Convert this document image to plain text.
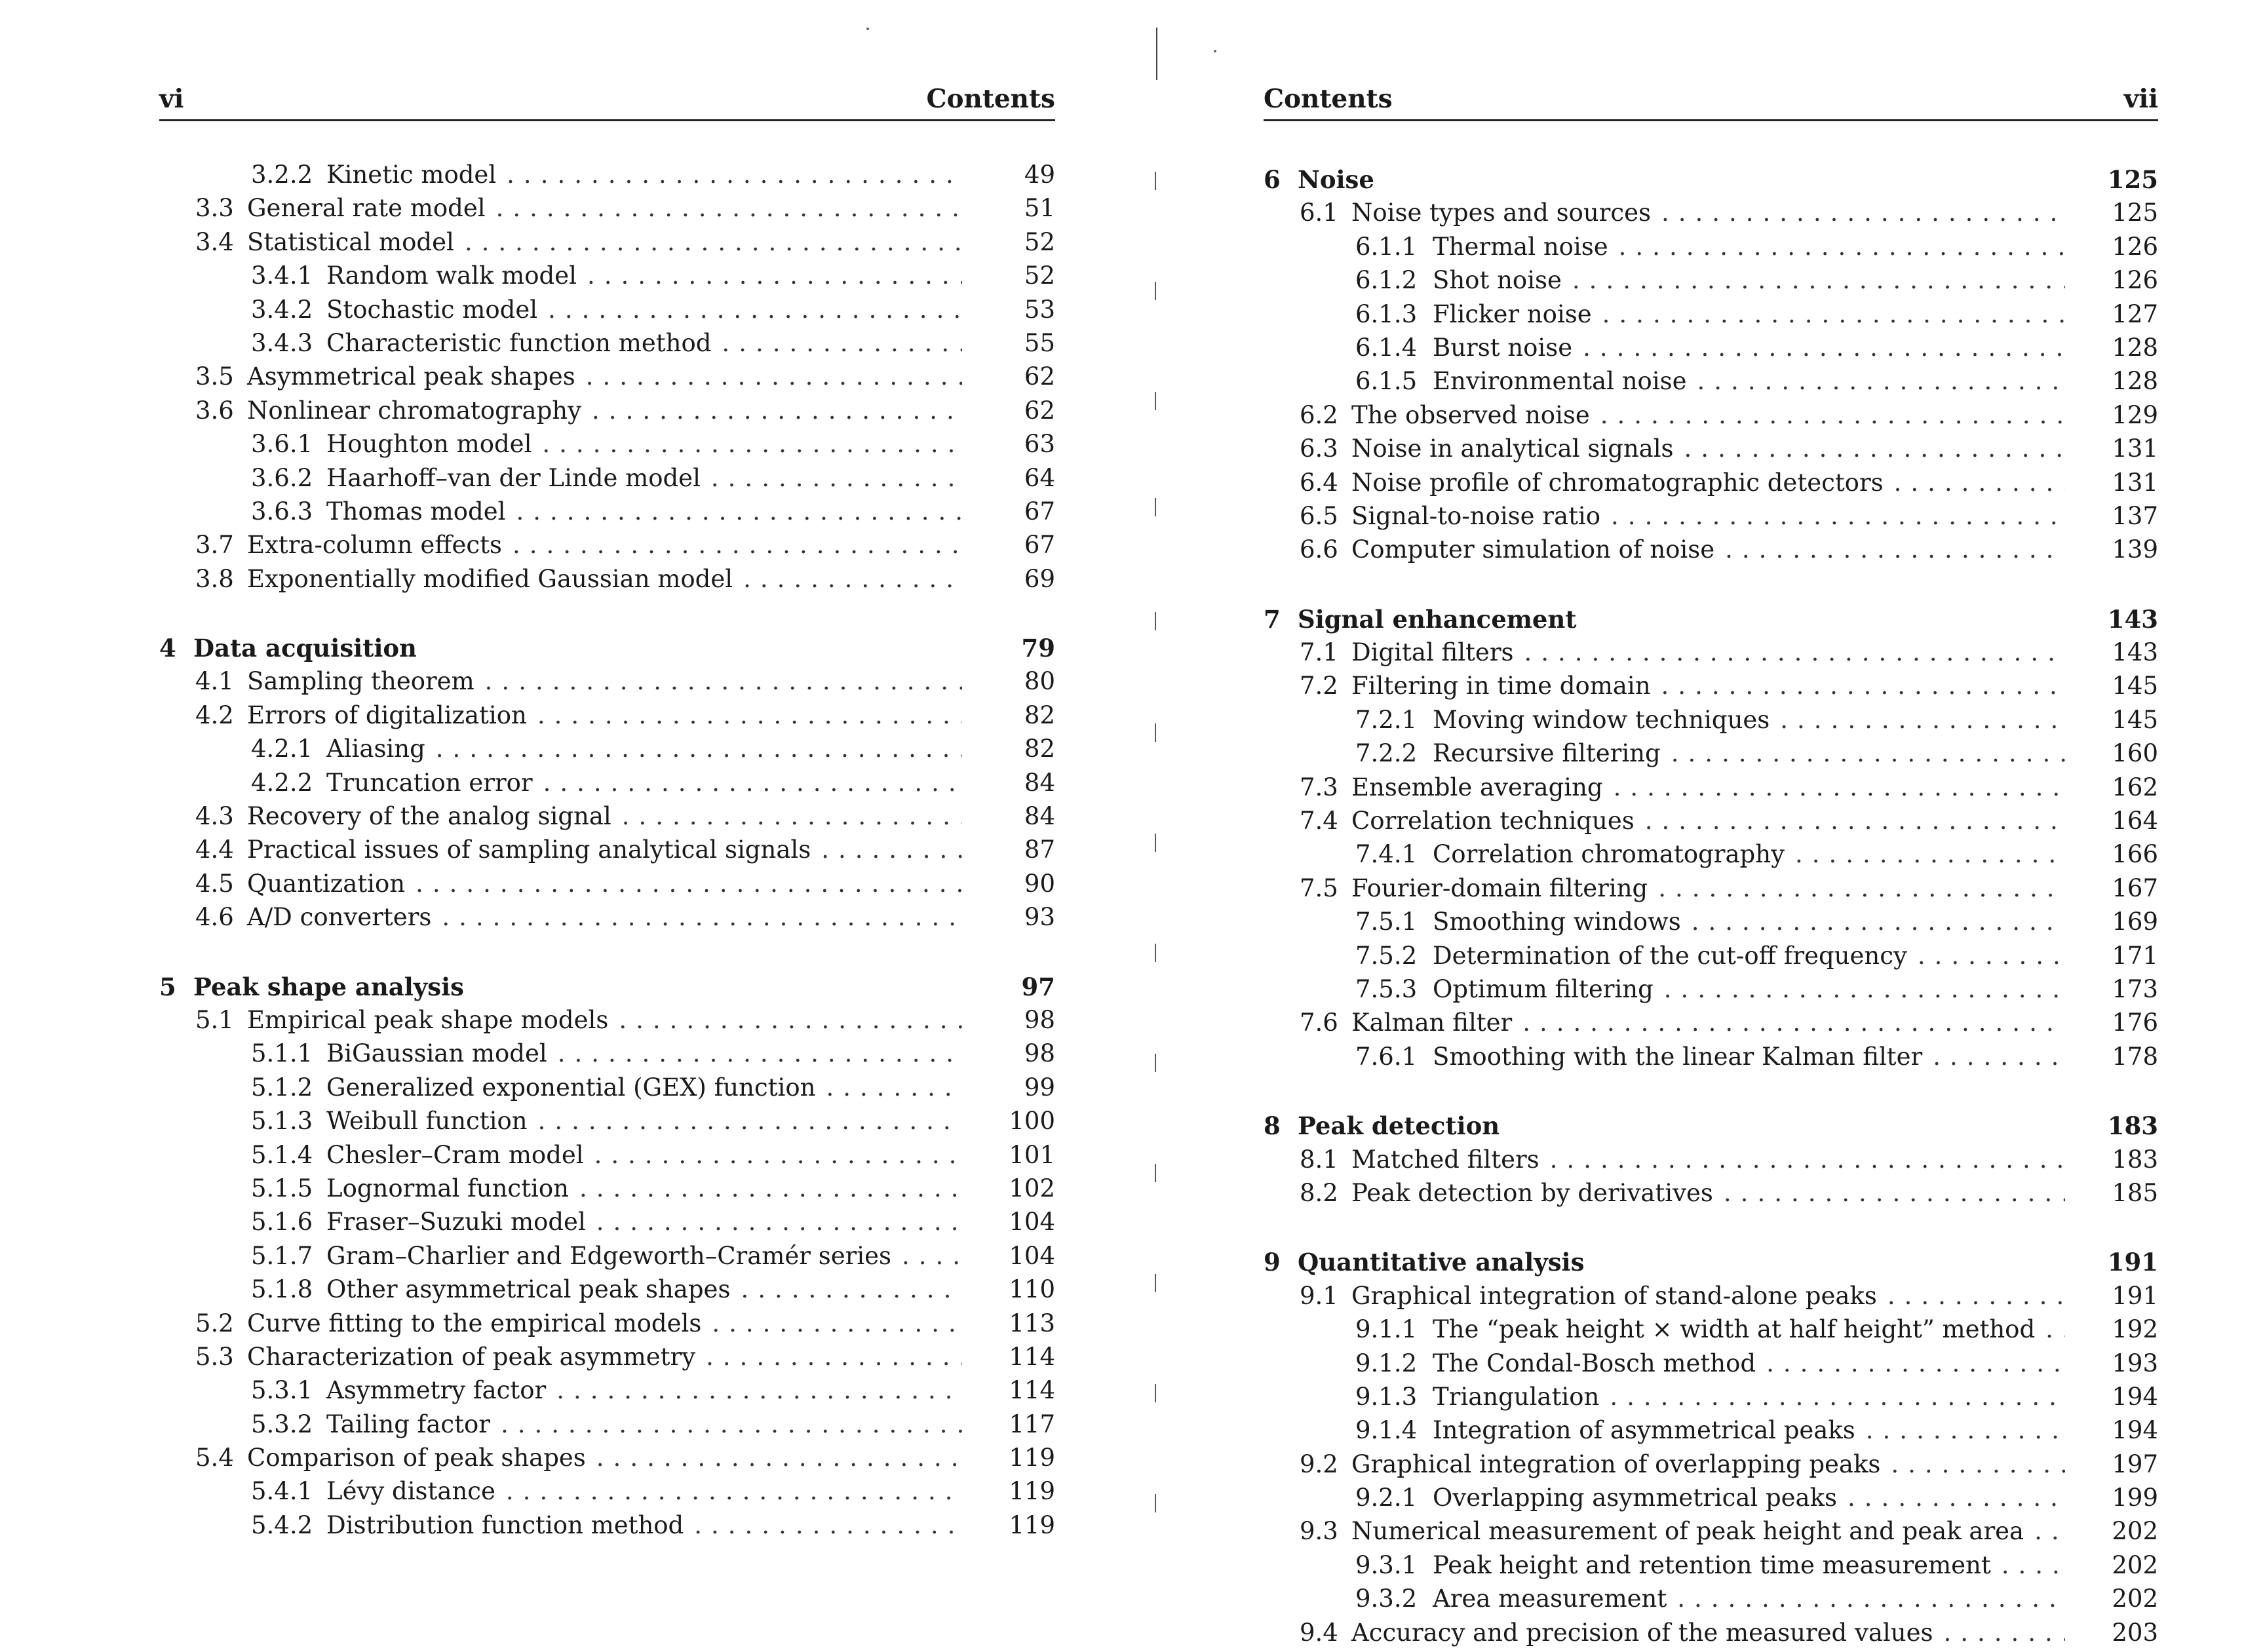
vi	Contents
3.2.2 Kinetic model .....	49
3.3 General rate model .....	51
3.4 Statistical model .....	52
3.4.1 Random walk model .....	52
3.4.2 Stochastic model .....	53
3.4.3 Characteristic function method .....	55
3.5 Asymmetrical peak shapes .....	62
3.6 Nonlinear chromatography .....	62
3.6.1 Houghton model .....	63
3.6.2 Haarhoff–van der Linde model .....	64
3.6.3 Thomas model .....	67
3.7 Extra-column effects .....	67
3.8 Exponentially modified Gaussian model .....	69
4 Data acquisition	79
4.1 Sampling theorem .....	80
4.2 Errors of digitalization .....	82
4.2.1 Aliasing .....	82
4.2.2 Truncation error .....	84
4.3 Recovery of the analog signal .....	84
4.4 Practical issues of sampling analytical signals .....	87
4.5 Quantization .....	90
4.6 A/D converters .....	93
5 Peak shape analysis	97
5.1 Empirical peak shape models .....	98
5.1.1 BiGaussian model .....	98
5.1.2 Generalized exponential (GEX) function .....	99
5.1.3 Weibull function .....	100
5.1.4 Chesler–Cram model .....	101
5.1.5 Lognormal function .....	102
5.1.6 Fraser–Suzuki model .....	104
5.1.7 Gram–Charlier and Edgeworth–Cramér series .....	104
5.1.8 Other asymmetrical peak shapes .....	110
5.2 Curve fitting to the empirical models .....	113
5.3 Characterization of peak asymmetry .....	114
5.3.1 Asymmetry factor .....	114
5.3.2 Tailing factor .....	117
5.4 Comparison of peak shapes .....	119
5.4.1 Lévy distance .....	119
5.4.2 Distribution function method .....	119
Contents	vii
6 Noise	125
6.1 Noise types and sources .....	125
6.1.1 Thermal noise .....	126
6.1.2 Shot noise .....	126
6.1.3 Flicker noise .....	127
6.1.4 Burst noise .....	128
6.1.5 Environmental noise .....	128
6.2 The observed noise .....	129
6.3 Noise in analytical signals .....	131
6.4 Noise profile of chromatographic detectors .....	131
6.5 Signal-to-noise ratio .....	137
6.6 Computer simulation of noise .....	139
7 Signal enhancement	143
7.1 Digital filters .....	143
7.2 Filtering in time domain .....	145
7.2.1 Moving window techniques .....	145
7.2.2 Recursive filtering .....	160
7.3 Ensemble averaging .....	162
7.4 Correlation techniques .....	164
7.4.1 Correlation chromatography .....	166
7.5 Fourier-domain filtering .....	167
7.5.1 Smoothing windows .....	169
7.5.2 Determination of the cut-off frequency .....	171
7.5.3 Optimum filtering .....	173
7.6 Kalman filter .....	176
7.6.1 Smoothing with the linear Kalman filter .....	178
8 Peak detection	183
8.1 Matched filters .....	183
8.2 Peak detection by derivatives .....	185
9 Quantitative analysis	191
9.1 Graphical integration of stand-alone peaks .....	191
9.1.1 The “peak height × width at half height” method .....	192
9.1.2 The Condal-Bosch method .....	193
9.1.3 Triangulation .....	194
9.1.4 Integration of asymmetrical peaks .....	194
9.2 Graphical integration of overlapping peaks .....	197
9.2.1 Overlapping asymmetrical peaks .....	199
9.3 Numerical measurement of peak height and peak area .....	202
9.3.1 Peak height and retention time measurement .....	202
9.3.2 Area measurement .....	202
9.4 Accuracy and precision of the measured values .....	203
